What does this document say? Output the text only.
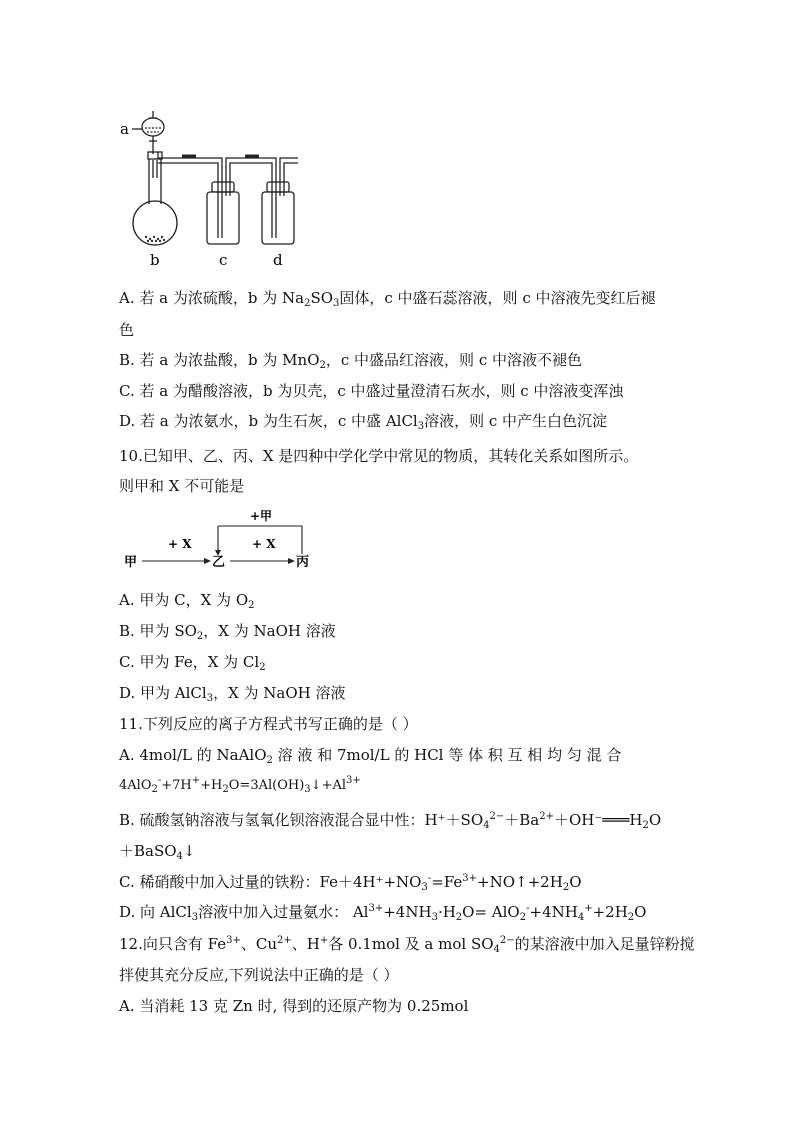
a
b	c	d
A. 若 a 为浓硫酸，b 为 $Na_2SO_3$固体，c 中盛石蕊溶液，则 c 中溶液先变红后褪
色
B. 若 a 为浓盐酸，b 为 MnO$_2$，c 中盛品红溶液，则 c 中溶液不褪色
C. 若 a 为醋酸溶液，b 为贝壳，c 中盛过量澄清石灰水，则 c 中溶液变浑浊
D. 若 a 为浓氨水，b 为生石灰，c 中盛 AlCl$_3$溶液，则 c 中产生白色沉淀
10.已知甲、乙、丙、X 是四种中学化学中常见的物质，其转化关系如图所示。
则甲和 X 不可能是
+甲
+ X	+ X
甲	乙	丙
A. 甲为 C，X 为 $O_2$
B. 甲为 $SO_2$，X 为 NaOH 溶液
C. 甲为 Fe，X 为 $Cl_2$
D. 甲为 AlCl$_3$，X 为 NaOH 溶液
11.下列反应的离子方程式书写正确的是（ ）
A. 4mol/L 的 NaAlO$_2$ 溶 液 和 7mol/L 的 HCl 等 体 积 互 相 均 匀 混 合
$4AlO_2^-+7H^++H_2O=3Al(OH)_3↓+Al^{3+}$
B. 硫酸氢钠溶液与氢氧化钡溶液混合显中性：$H^++SO_4^{2-}+Ba^{2+}+OH^-═══H_2O$
＋BaSO$_4$↓
C. 稀硝酸中加入过量的铁粉：$Fe+4H^++NO_3^-=Fe^{3+}+NO↑+2H_2O$
D. 向 AlCl$_3$溶液中加入过量氨水： $Al^{3+}+4NH_3\cdot H_2O= AlO_2^-+4NH_4^++2H_2O$
12.向只含有 $Fe^{3+}$、$Cu^{2+}$、H+各 0.1mol 及 a mol $SO_4^{2-}$的某溶液中加入足量锌粉搅
拌使其充分反应,下列说法中正确的是（ ）
A. 当消耗 13 克 Zn 时, 得到的还原产物为 0.25mol
